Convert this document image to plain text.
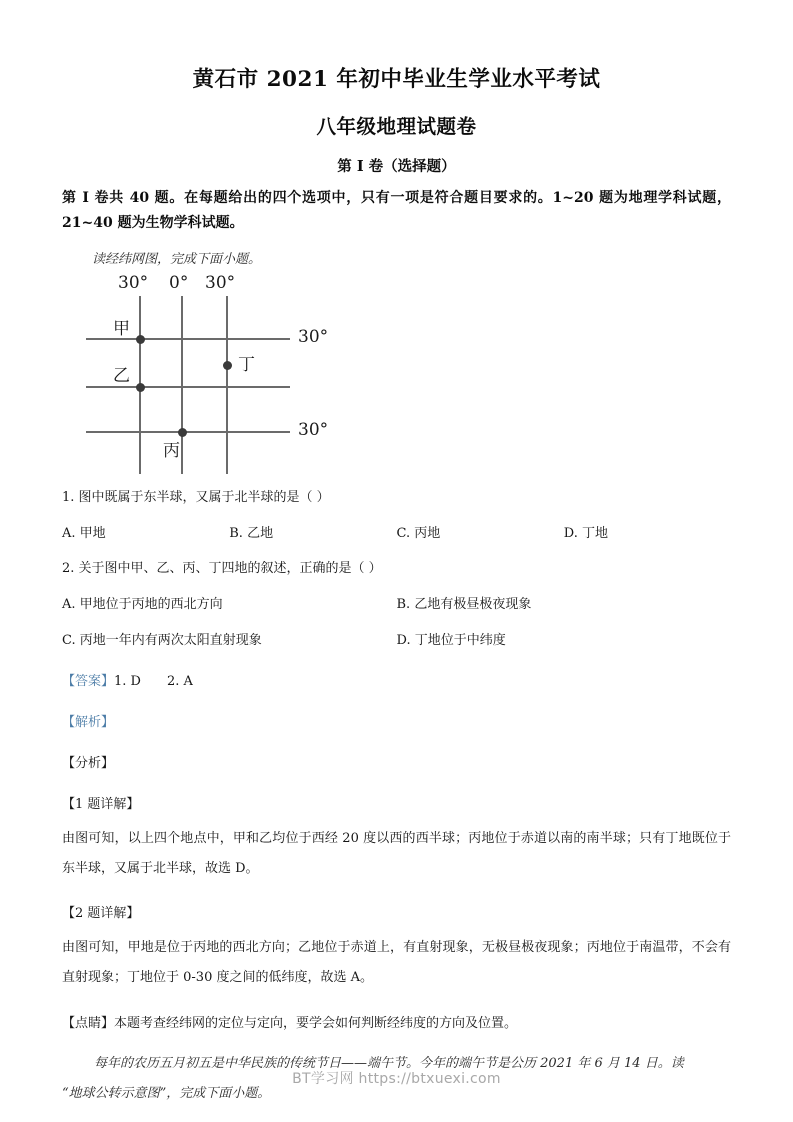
黄石市 2021 年初中毕业生学业水平考试
八年级地理试题卷
第 I 卷（选择题）
第 I 卷共 40 题。在每题给出的四个选项中，只有一项是符合题目要求的。1~20 题为地理学科试题，21~40 题为生物学科试题。
读经纬网图，完成下面小题。
30° 0° 30°
30°
30°
甲
乙
丁
丙
1. 图中既属于东半球，又属于北半球的是（ ）
A. 甲地	B. 乙地	C. 丙地	D. 丁地
2. 关于图中甲、乙、丙、丁四地的叙述，正确的是（ ）
A. 甲地位于丙地的西北方向	B. 乙地有极昼极夜现象
C. 丙地一年内有两次太阳直射现象	D. 丁地位于中纬度
【答案】1. D 2. A
【解析】
【分析】
【1 题详解】
由图可知，以上四个地点中，甲和乙均位于西经 20 度以西的西半球；丙地位于赤道以南的南半球；只有丁地既位于东半球，又属于北半球，故选 D。
【2 题详解】
由图可知，甲地是位于丙地的西北方向；乙地位于赤道上，有直射现象，无极昼极夜现象；丙地位于南温带，不会有直射现象；丁地位于 0-30 度之间的低纬度，故选 A。
【点睛】本题考查经纬网的定位与定向，要学会如何判断经纬度的方向及位置。
每年的农历五月初五是中华民族的传统节日——端午节。今年的端午节是公历 2021 年 6 月 14 日。读
“地球公转示意图”，完成下面小题。
BT学习网 https://btxuexi.com
